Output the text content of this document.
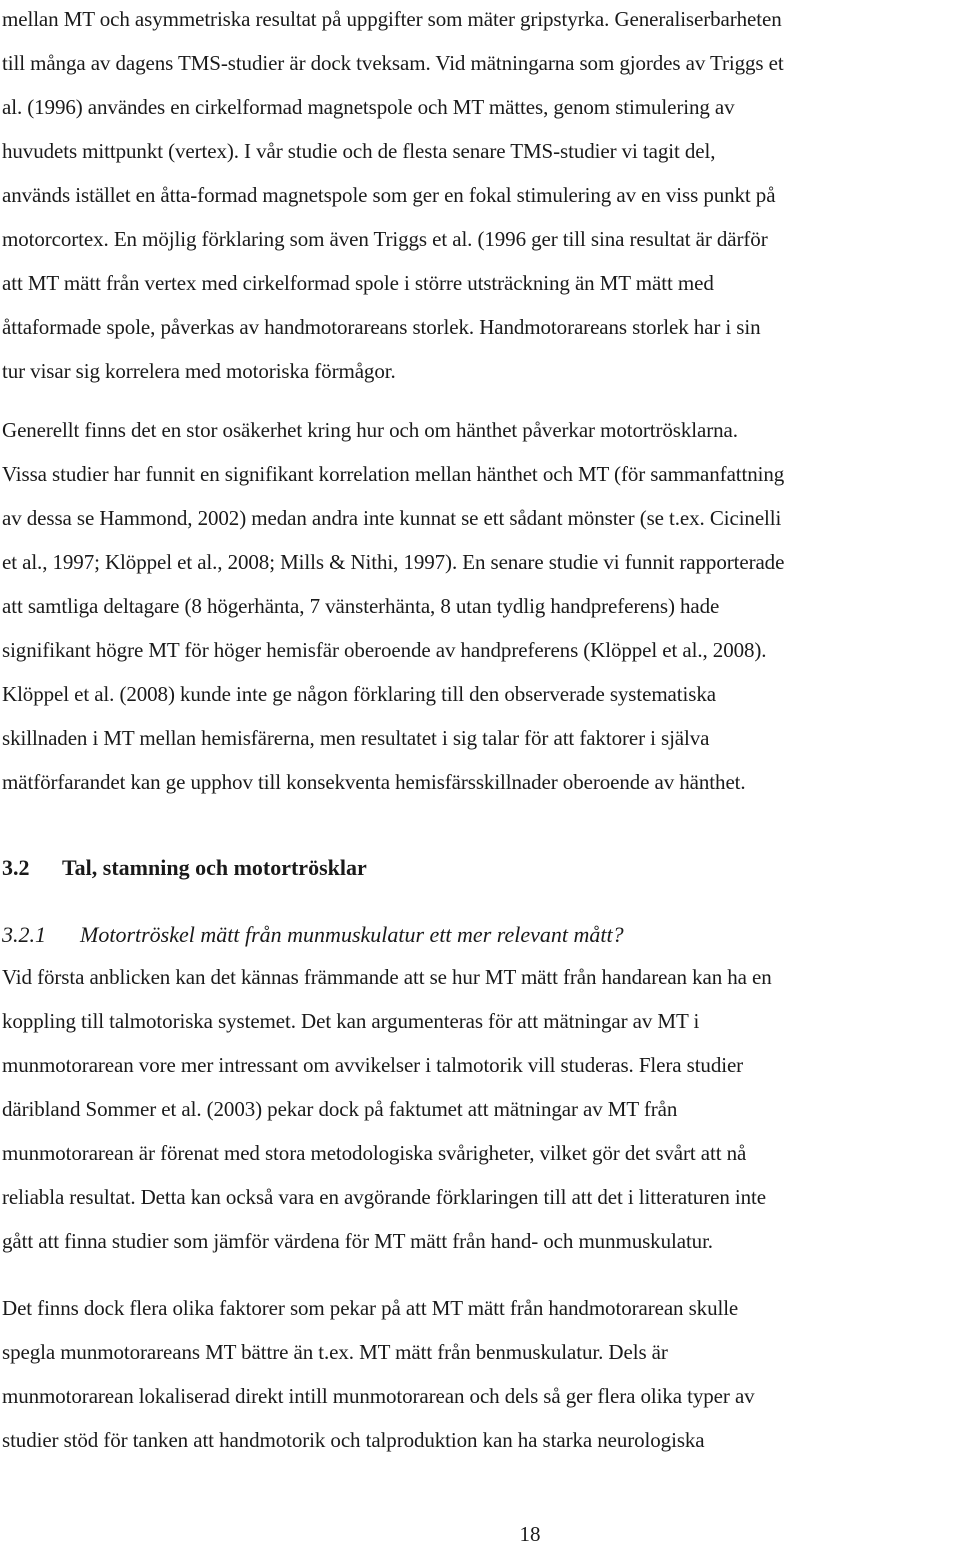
mellan MT och asymmetriska resultat på uppgifter som mäter gripstyrka. Generaliserbarheten
till många av dagens TMS-studier är dock tveksam. Vid mätningarna som gjordes av Triggs et
al. (1996) användes en cirkelformad magnetspole och MT mättes, genom stimulering av
huvudets mittpunkt (vertex). I vår studie och de flesta senare TMS-studier vi tagit del,
används istället en åtta-formad magnetspole som ger en fokal stimulering av en viss punkt på
motorcortex. En möjlig förklaring som även Triggs et al. (1996 ger till sina resultat är därför
att MT mätt från vertex med cirkelformad spole i större utsträckning än MT mätt med
åttaformade spole, påverkas av handmotorareans storlek. Handmotorareans storlek har i sin
tur visar sig korrelera med motoriska förmågor.

Generellt finns det en stor osäkerhet kring hur och om hänthet påverkar motortrösklarna.
Vissa studier har funnit en signifikant korrelation mellan hänthet och MT (för sammanfattning
av dessa se Hammond, 2002) medan andra inte kunnat se ett sådant mönster (se t.ex. Cicinelli
et al., 1997; Klöppel et al., 2008; Mills & Nithi, 1997). En senare studie vi funnit rapporterade
att samtliga deltagare (8 högerhänta, 7 vänsterhänta, 8 utan tydlig handpreferens) hade
signifikant högre MT för höger hemisfär oberoende av handpreferens (Klöppel et al., 2008).
Klöppel et al. (2008) kunde inte ge någon förklaring till den observerade systematiska
skillnaden i MT mellan hemisfärerna, men resultatet i sig talar för att faktorer i själva
mätförfarandet kan ge upphov till konsekventa hemisfärsskillnader oberoende av hänthet.

3.2 Tal, stamning och motortrösklar
3.2.1 Motortröskel mätt från munmuskulatur ett mer relevant mått?

Vid första anblicken kan det kännas främmande att se hur MT mätt från handarean kan ha en
koppling till talmotoriska systemet. Det kan argumenteras för att mätningar av MT i
munmotorarean vore mer intressant om avvikelser i talmotorik vill studeras. Flera studier
däribland Sommer et al. (2003) pekar dock på faktumet att mätningar av MT från
munmotorarean är förenat med stora metodologiska svårigheter, vilket gör det svårt att nå
reliabla resultat. Detta kan också vara en avgörande förklaringen till att det i litteraturen inte
gått att finna studier som jämför värdena för MT mätt från hand- och munmuskulatur.

Det finns dock flera olika faktorer som pekar på att MT mätt från handmotorarean skulle
spegla munmotorareans MT bättre än t.ex. MT mätt från benmuskulatur. Dels är
munmotorarean lokaliserad direkt intill munmotorarean och dels så ger flera olika typer av
studier stöd för tanken att handmotorik och talproduktion kan ha starka neurologiska

18
